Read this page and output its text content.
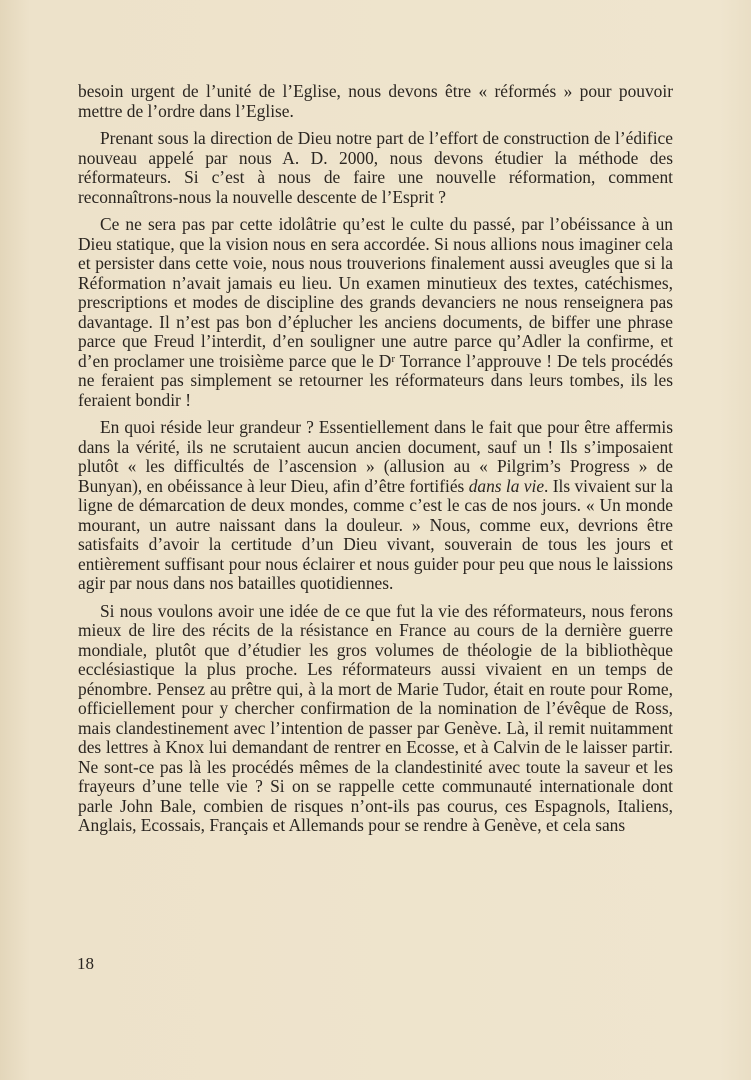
besoin urgent de l’unité de l’Eglise, nous devons être « réformés » pour pouvoir mettre de l’ordre dans l’Eglise.

Prenant sous la direction de Dieu notre part de l’effort de construction de l’édifice nouveau appelé par nous A. D. 2000, nous devons étudier la méthode des réformateurs. Si c’est à nous de faire une nouvelle réformation, comment reconnaîtrons-nous la nouvelle descente de l’Esprit ?

Ce ne sera pas par cette idolâtrie qu’est le culte du passé, par l’obéissance à un Dieu statique, que la vision nous en sera accordée. Si nous allions nous imaginer cela et persister dans cette voie, nous nous trouverions finalement aussi aveugles que si la Réformation n’avait jamais eu lieu. Un examen minutieux des textes, catéchismes, prescriptions et modes de discipline des grands devanciers ne nous renseignera pas davantage. Il n’est pas bon d’éplucher les anciens documents, de biffer une phrase parce que Freud l’interdit, d’en souligner une autre parce qu’Adler la confirme, et d’en proclamer une troisième parce que le Dʳ Torrance l’approuve ! De tels procédés ne feraient pas simplement se retourner les réformateurs dans leurs tombes, ils les feraient bondir !

En quoi réside leur grandeur ? Essentiellement dans le fait que pour être affermis dans la vérité, ils ne scrutaient aucun ancien document, sauf un ! Ils s’imposaient plutôt « les difficultés de l’ascension » (allusion au « Pilgrim’s Progress » de Bunyan), en obéissance à leur Dieu, afin d’être fortifiés dans la vie. Ils vivaient sur la ligne de démarcation de deux mondes, comme c’est le cas de nos jours. « Un monde mourant, un autre naissant dans la douleur. » Nous, comme eux, devrions être satisfaits d’avoir la certitude d’un Dieu vivant, souverain de tous les jours et entièrement suffisant pour nous éclairer et nous guider pour peu que nous le laissions agir par nous dans nos batailles quotidiennes.

Si nous voulons avoir une idée de ce que fut la vie des réformateurs, nous ferons mieux de lire des récits de la résistance en France au cours de la dernière guerre mondiale, plutôt que d’étudier les gros volumes de théologie de la bibliothèque ecclésiastique la plus proche. Les réformateurs aussi vivaient en un temps de pénombre. Pensez au prêtre qui, à la mort de Marie Tudor, était en route pour Rome, officiellement pour y chercher confirmation de la nomination de l’évêque de Ross, mais clandestinement avec l’intention de passer par Genève. Là, il remit nuitamment des lettres à Knox lui demandant de rentrer en Ecosse, et à Calvin de le laisser partir. Ne sont-ce pas là les procédés mêmes de la clandestinité avec toute la saveur et les frayeurs d’une telle vie ? Si on se rappelle cette communauté internationale dont parle John Bale, combien de risques n’ont-ils pas courus, ces Espagnols, Italiens, Anglais, Ecossais, Français et Allemands pour se rendre à Genève, et cela sans

18
